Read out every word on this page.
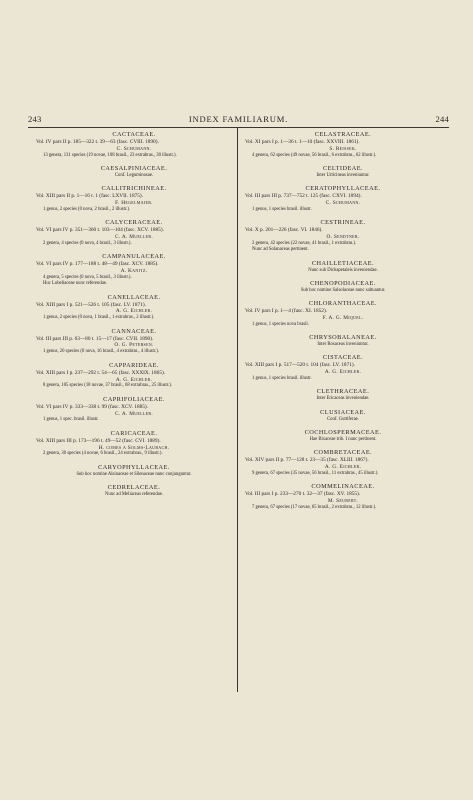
243	INDEX FAMILIARUM.	244
CACTACEAE.
Vol. IV pars II p. 185—322 t. 39—63 (fasc. CVIII. 1890).
C. Schumann.
13 genera, 131 species (19 novae, 108 brasil., 23 extrabras., 30 illustr.).
CAESALPINIACEAE.
Conf. Leguminosae.
CALLITRICHINEAE.
Vol. XIII pars II p. 1—16 t. 1 (fasc. LXVII. 1875).
F. Hegelmaier.
1 genus, 2 species (0 nova, 2 brasil., 2 illustr.).
CALYCERACEAE.
Vol. VI pars IV p. 351—360 t. 103—104 (fasc. XCV. 1885).
C. A. Mueller.
2 genera, 4 species (0 nova, 4 brasil., 3 illustr.).
CAMPANULACEAE.
Vol. VI pars IV p. 177—188 t. 48—49 (fasc. XCV. 1885).
A. Kanitz.
4 genera, 5 species (0 nova, 5 brasil., 3 illustr.).
Huc Lobeliaceae nunc referendae.
CANELLACEAE.
Vol. XIII pars I p. 521—526 t. 105 (fasc. LV. 1871).
A. G. Eichler.
1 genus, 2 species (0 nova, 1 brasil., 1 extrabras., 2 illustr.).
CANNACEAE.
Vol. III pars III p. 63—80 t. 15—17 (fasc. CVII. 1890).
O. G. Petersen.
1 genus, 20 species (0 nova, 16 brasil., 4 extrabras., 4 illustr.).
CAPPARIDEAE.
Vol. XIII pars I p. 237—292 t. 54—65 (fasc. XXXIX. 1865).
A. G. Eichler.
8 genera, 105 species (18 novae, 37 brasil., 68 extrabras., 25 illustr.).
CAPRIFOLIACEAE.
Vol. VI pars IV p. 333—338 t. 99 (fasc. XCV. 1885).
C. A. Mueller.
1 genus, 1 spec. brasil. illustr.
CARICACEAE.
Vol. XIII pars III p. 173—196 t. 49—52 (fasc. CVI. 1889).
H. comes a Solms-Laubach.
2 genera, 30 species (4 novae, 6 brasil., 24 extrabras., 9 illustr.).
CARYOPHYLLACEAE.
Sub hoc nomine Alsinaceae et Silenaceae nunc conjunguntur.
CEDRELACEAE.
Nunc ad Meliaceas referendae.
CELASTRACEAE.
Vol. XI pars I p. 1—36 t. 1—10 (fasc. XXVIII. 1861).
S. Reissek.
4 genera, 62 species (49 novae, 56 brasil., 6 extrabras., 62 illustr.).
CELTIDEAE.
Inter Urticineas inveniuntur.
CERATOPHYLLACEAE.
Vol. III pars III p. 737—752 t. 125 (fasc. CXVI. 1894).
C. Schumann.
1 genus, 1 species brasil. illustr.
CESTRINEAE.
Vol. X p. 201—226 (fasc. VI. 1846).
O. Sendtner.
2 genera, 42 species (22 novae, 41 brasil., 1 extrabras.).
Nunc ad Solanaceas pertinent.
CHAILLETIACEAE.
Nunc sub Dichapetaleis inveniendae.
CHENOPODIACEAE.
Sub hoc nomine Salsolaceae nunc saltuantur.
CHLORANTHACEAE.
Vol. IV pars I p. 1—4 (fasc. XI. 1852).
F. A. G. Miquel.
1 genus, 1 species nova brasil.
CHRYSOBALANEAE.
Inter Rosaceas inveniuntur.
CISTACEAE.
Vol. XIII pars I p. 517—520 t. 104 (fasc. LV. 1871).
A. G. Eichler.
1 genus, 1 species brasil. illustr.
CLETHRACEAE.
Inter Ericaceas inveniendae.
CLUSIACEAE.
Conf. Guttiferae.
COCHLOSPERMACEAE.
Hae Bixaceae trib. I nunc pertinent.
COMBRETACEAE.
Vol. XIV pars II p. 77—128 t. 23—35 (fasc. XLIII. 1867).
A. G. Eichler.
9 genera, 67 species (35 novae, 56 brasil., 11 extrabras., 45 illustr.).
COMMELINACEAE.
Vol. III pars I p. 233—270 t. 32—37 (fasc. XV. 1855).
M. Seubert.
7 genera, 67 species (17 novae, 65 brasil., 2 extrabras., 12 illustr.).
